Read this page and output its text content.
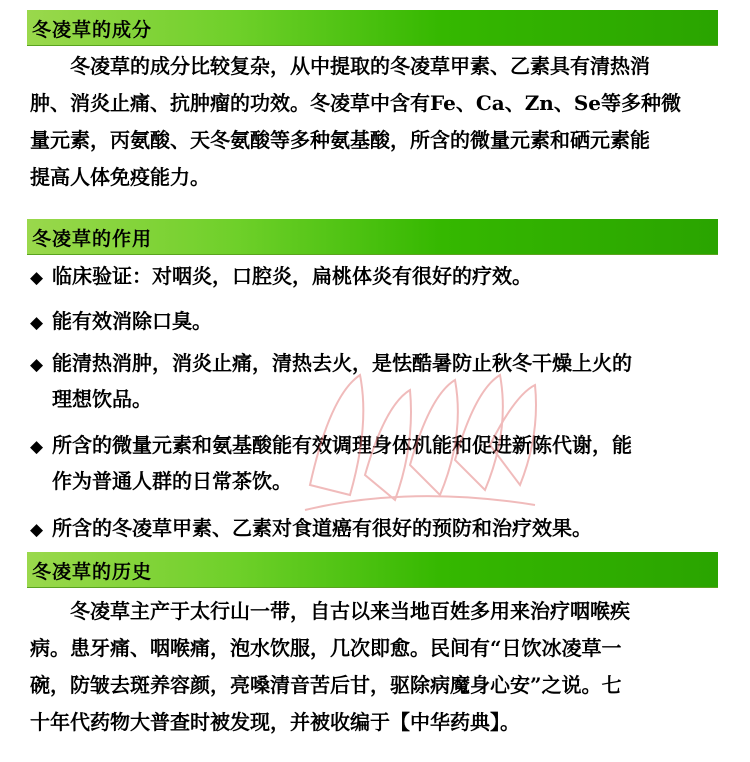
冬凌草的成分
　　冬凌草的成分比较复杂，从中提取的冬凌草甲素、乙素具有清热消
肿、消炎止痛、抗肿瘤的功效。冬凌草中含有Fe、Ca、Zn、Se等多种微
量元素，丙氨酸、天冬氨酸等多种氨基酸，所含的微量元素和硒元素能
提高人体免疫能力。
冬凌草的作用
◆ 临床验证：对咽炎，口腔炎，扁桃体炎有很好的疗效。
◆ 能有效消除口臭。
◆ 能清热消肿，消炎止痛，清热去火，是怯酷暑防止秋冬干燥上火的
理想饮品。
◆ 所含的微量元素和氨基酸能有效调理身体机能和促进新陈代谢，能
作为普通人群的日常茶饮。
◆ 所含的冬凌草甲素、乙素对食道癌有很好的预防和治疗效果。
冬凌草的历史
　　冬凌草主产于太行山一带，自古以来当地百姓多用来治疗咽喉疾
病。患牙痛、咽喉痛，泡水饮服，几次即愈。民间有“日饮冰凌草一
碗，防皱去斑养容颜，亮嗓清音苦后甘，驱除病魔身心安”之说。七
十年代药物大普查时被发现，并被收编于【中华药典】。
